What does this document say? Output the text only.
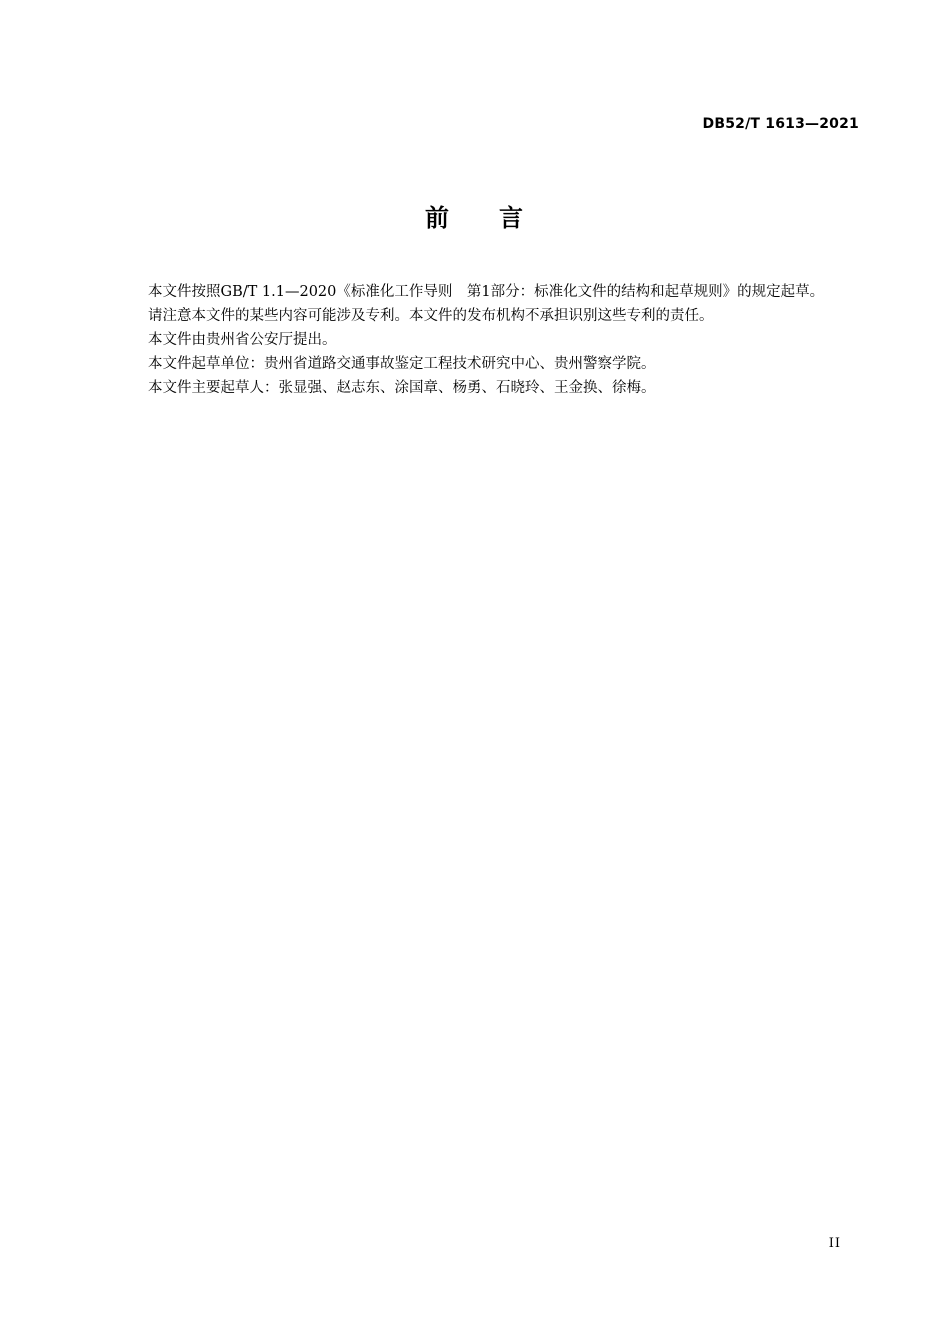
DB52/T 1613—2021
前 言

本文件按照GB/T 1.1—2020《标准化工作导则　第1部分：标准化文件的结构和起草规则》的规定起草。

请注意本文件的某些内容可能涉及专利。本文件的发布机构不承担识别这些专利的责任。

本文件由贵州省公安厅提出。

本文件起草单位：贵州省道路交通事故鉴定工程技术研究中心、贵州警察学院。

本文件主要起草人：张显强、赵志东、涂国章、杨勇、石晓玲、王金换、徐梅。

II
